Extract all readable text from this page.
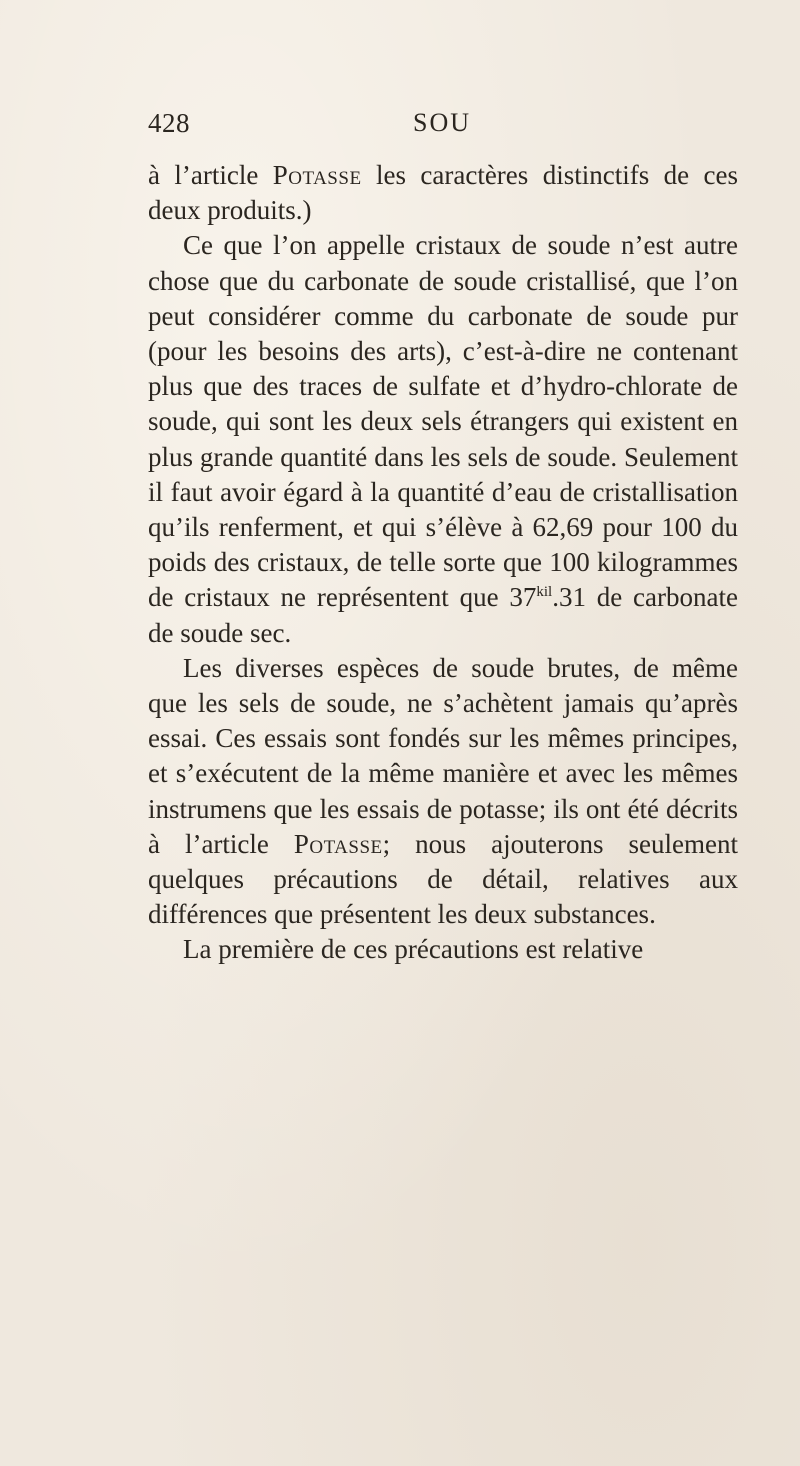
428	SOU

à l’article Potasse les caractères distinctifs de ces deux produits.)

Ce que l’on appelle cristaux de soude n’est autre chose que du carbonate de soude cristallisé, que l’on peut considérer comme du carbonate de soude pur (pour les besoins des arts), c’est-à-dire ne contenant plus que des traces de sulfate et d’hydro-chlorate de soude, qui sont les deux sels étrangers qui existent en plus grande quantité dans les sels de soude. Seulement il faut avoir égard à la quantité d’eau de cristallisation qu’ils renferment, et qui s’élève à 62,69 pour 100 du poids des cristaux, de telle sorte que 100 kilogrammes de cristaux ne représentent que $37^{kil}.31$ de carbonate de soude sec.

Les diverses espèces de soude brutes, de même que les sels de soude, ne s’achètent jamais qu’après essai. Ces essais sont fondés sur les mêmes principes, et s’exécutent de la même manière et avec les mêmes instrumens que les essais de potasse; ils ont été décrits à l’article Potasse; nous ajouterons seulement quelques précautions de détail, relatives aux différences que présentent les deux substances.

La première de ces précautions est relative
